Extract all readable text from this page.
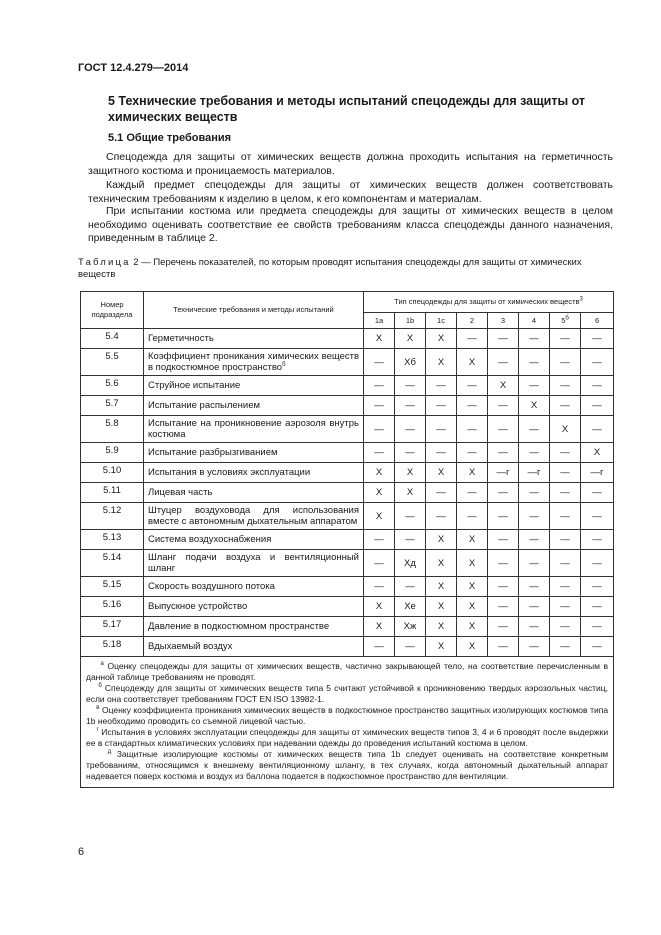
ГОСТ 12.4.279—2014
5 Технические требования и методы испытаний спецодежды для защиты от химических веществ
5.1 Общие требования
Спецодежда для защиты от химических веществ должна проходить испытания на герметичность защитного костюма и проницаемость материалов.
Каждый предмет спецодежды для защиты от химических веществ должен соответствовать техническим требованиям к изделию в целом, к его компонентам и материалам.
При испытании костюма или предмета спецодежды для защиты от химических веществ в целом необходимо оценивать соответствие ее свойств требованиям класса спецодежды данного назначения, приведенным в таблице 2.
Таблица 2 — Перечень показателей, по которым проводят испытания спецодежды для защиты от химических веществ
Номер подраздела	Технические требования и методы испытаний	Тип спецодежды для защиты от химических веществ$^3$
		1a	1b	1c	2	3	4	$5^б$	6
5.4	Герметичность	X	X	X	—	—	—	—	—
5.5	Коэффициент проникания химических веществ в подкостюмное пространство$^б$	—	Xб	X	X	—	—	—	—
5.6	Струйное испытание	—	—	—	—	X	—	—	—
5.7	Испытание распылением	—	—	—	—	—	X	—	—
5.8	Испытание на проникновение аэрозоля внутрь костюма	—	—	—	—	—	—	X	—
5.9	Испытание разбрызгиванием	—	—	—	—	—	—	—	X
5.10	Испытания в условиях эксплуатации	X	X	X	X	—г	—г	—	—г
5.11	Лицевая часть	X	X	—	—	—	—	—	—
5.12	Штуцер воздуховода для использования вместе с автономным дыхательным аппаратом	X	—	—	—	—	—	—	—
5.13	Система воздухоснабжения	—	—	X	X	—	—	—	—
5.14	Шланг подачи воздуха и вентиляционный шланг	—	Xд	X	X	—	—	—	—
5.15	Скорость воздушного потока	—	—	X	X	—	—	—	—
5.16	Выпускное устройство	X	Xе	X	X	—	—	—	—
5.17	Давление в подкостюмном пространстве	X	Xж	X	X	—	—	—	—
5.18	Вдыхаемый воздух	—	—	X	X	—	—	—	—

$^а$ Оценку спецодежды для защиты от химических веществ, частично закрывающей тело, на соответствие перечисленным в данной таблице требованиям не проводят.

$^б$ Спецодежду для защиты от химических веществ типа 5 считают устойчивой к проникновению твердых аэрозольных частиц, если она соответствует требованиям ГОСТ EN ISO 13982-1.

$^в$ Оценку коэффициента проникания химических веществ в подкостюмное пространство защитных изолирующих костюмов типа 1b необходимо проводить со съемной лицевой частью.

$^г$ Испытания в условиях эксплуатации спецодежды для защиты от химических веществ типов 3, 4 и 6 проводят после выдержки ее в стандартных климатических условиях при надевании одежды до проведения испытаний костюма в целом.

$^д$ Защитные изолирующие костюмы от химических веществ типа 1b следует оценивать на соответствие конкретным требованиям, относящимся к внешнему вентиляционному шлангу, в тех случаях, когда автономный дыхательный аппарат надевается поверх костюма и воздух из баллона подается в подкостюмное пространство для вентиляции.									

6
